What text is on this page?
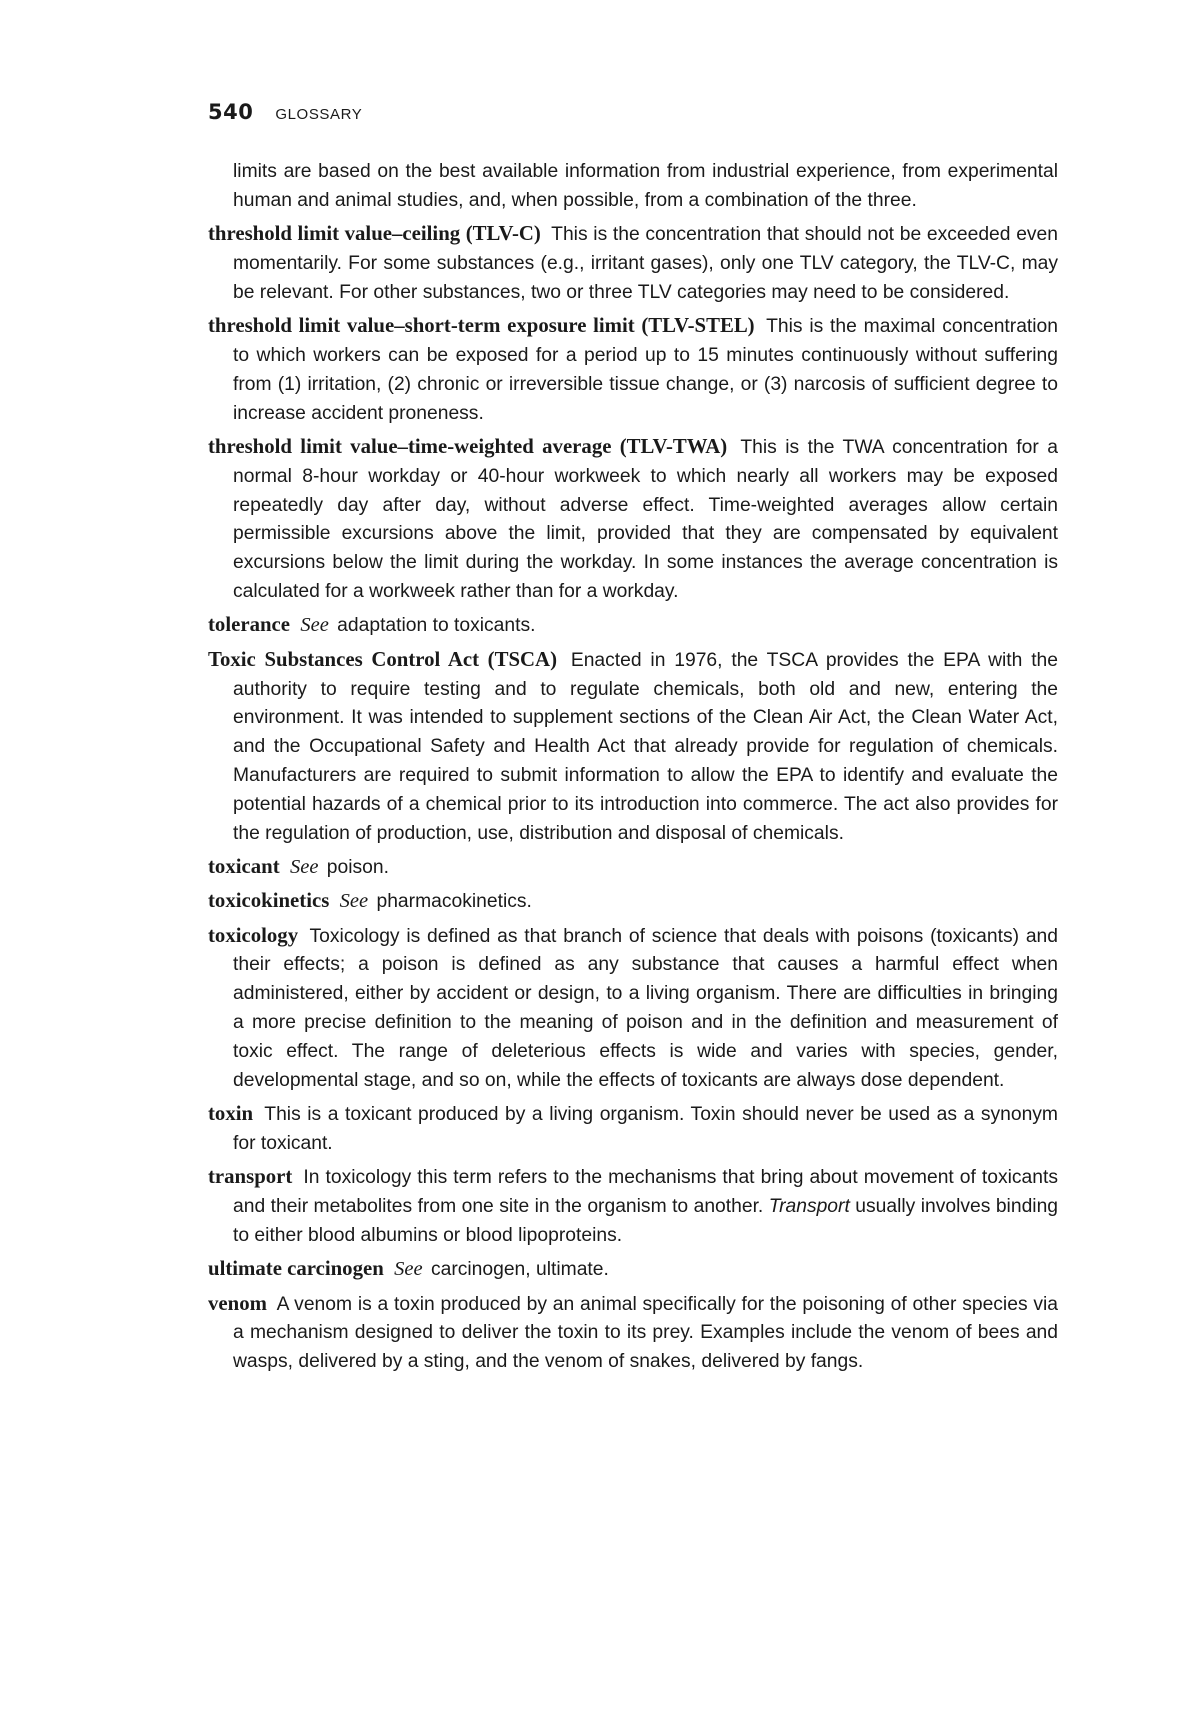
540 GLOSSARY

limits are based on the best available information from industrial experience, from experimental human and animal studies, and, when possible, from a combination of the three.

threshold limit value–ceiling (TLV-C) This is the concentration that should not be exceeded even momentarily. For some substances (e.g., irritant gases), only one TLV category, the TLV-C, may be relevant. For other substances, two or three TLV categories may need to be considered.

threshold limit value–short-term exposure limit (TLV-STEL) This is the maximal concentration to which workers can be exposed for a period up to 15 minutes continuously without suffering from (1) irritation, (2) chronic or irreversible tissue change, or (3) narcosis of sufficient degree to increase accident proneness.

threshold limit value–time-weighted average (TLV-TWA) This is the TWA concentration for a normal 8-hour workday or 40-hour workweek to which nearly all workers may be exposed repeatedly day after day, without adverse effect. Time-weighted averages allow certain permissible excursions above the limit, provided that they are compensated by equivalent excursions below the limit during the workday. In some instances the average concentration is calculated for a workweek rather than for a workday.

tolerance See adaptation to toxicants.

Toxic Substances Control Act (TSCA) Enacted in 1976, the TSCA provides the EPA with the authority to require testing and to regulate chemicals, both old and new, entering the environment. It was intended to supplement sections of the Clean Air Act, the Clean Water Act, and the Occupational Safety and Health Act that already provide for regulation of chemicals. Manufacturers are required to submit information to allow the EPA to identify and evaluate the potential hazards of a chemical prior to its introduction into commerce. The act also provides for the regulation of production, use, distribution and disposal of chemicals.

toxicant See poison.

toxicokinetics See pharmacokinetics.

toxicology Toxicology is defined as that branch of science that deals with poisons (toxicants) and their effects; a poison is defined as any substance that causes a harmful effect when administered, either by accident or design, to a living organism. There are difficulties in bringing a more precise definition to the meaning of poison and in the definition and measurement of toxic effect. The range of deleterious effects is wide and varies with species, gender, developmental stage, and so on, while the effects of toxicants are always dose dependent.

toxin This is a toxicant produced by a living organism. Toxin should never be used as a synonym for toxicant.

transport In toxicology this term refers to the mechanisms that bring about movement of toxicants and their metabolites from one site in the organism to another. Transport usually involves binding to either blood albumins or blood lipoproteins.

ultimate carcinogen See carcinogen, ultimate.

venom A venom is a toxin produced by an animal specifically for the poisoning of other species via a mechanism designed to deliver the toxin to its prey. Examples include the venom of bees and wasps, delivered by a sting, and the venom of snakes, delivered by fangs.
